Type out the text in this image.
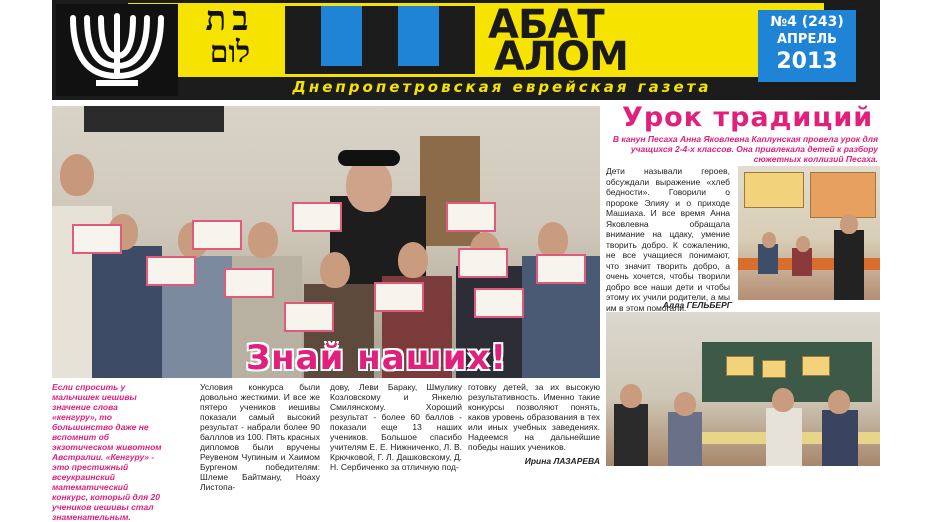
בת
לום
АБАТ
АЛОМ
№4 (243)
АПРЕЛЬ
2013
ב"ה
Днепропетровская еврейская газета
Знай наших!
Урок традиций
В канун Песаха Анна Яковлевна Каплунская провела урок для учащихся 2-4-х классов. Она привлекала детей к разбору сюжетных коллизий Песаха.

Дети называли героев, обсуждали выражение «хлеб бедности». Говорили о пророке Элияу и о приходе Машиаха. И все время Анна Яковлевна обращала внимание на цдаку, умение творить добро. К сожалению, не все учащиеся понимают, что значит творить добро, а очень хочется, чтобы творили добро все наши дети и чтобы этому их учили родители, а мы им в этом помогали.

Алла ГЕЛЬБЕРГ

Если спросить у мальчишек иешивы значение слова «кенгуру», то большинство даже не вспомнит об экзотическом животном Австралии. «Кенгуру» - это престижный всеукраинский математический конкурс, который для 20 учеников иешивы стал знаменательным.

Условия конкурса были довольно жесткими. И все же пятеро учеников иешивы показали самый высокий результат - набрали более 90 балллов из 100. Пять красных дипломов были вручены Реувеном Чупиным и Хаимом Бургеном победителям: Шлеме Байтману, Ноаху Листопа-

дову, Леви Бараку, Шмулику Козловскому и Янкелю Смилянскому. Хороший результат - более 60 баллов - показали еще 13 наших учеников. Большое спасибо учителям Е. Е. Нижниченко, Л. В. Крючковой, Г. Л. Дашковскому, Д. Н. Сербиченко за отличную под-

готовку детей, за их высокую результативность. Именно такие конкурсы позволяют понять, каков уровень образования в тех или иных учебных заведениях. Надеемся на дальнейшие победы наших учеников.

Ирина ЛАЗАРЕВА
